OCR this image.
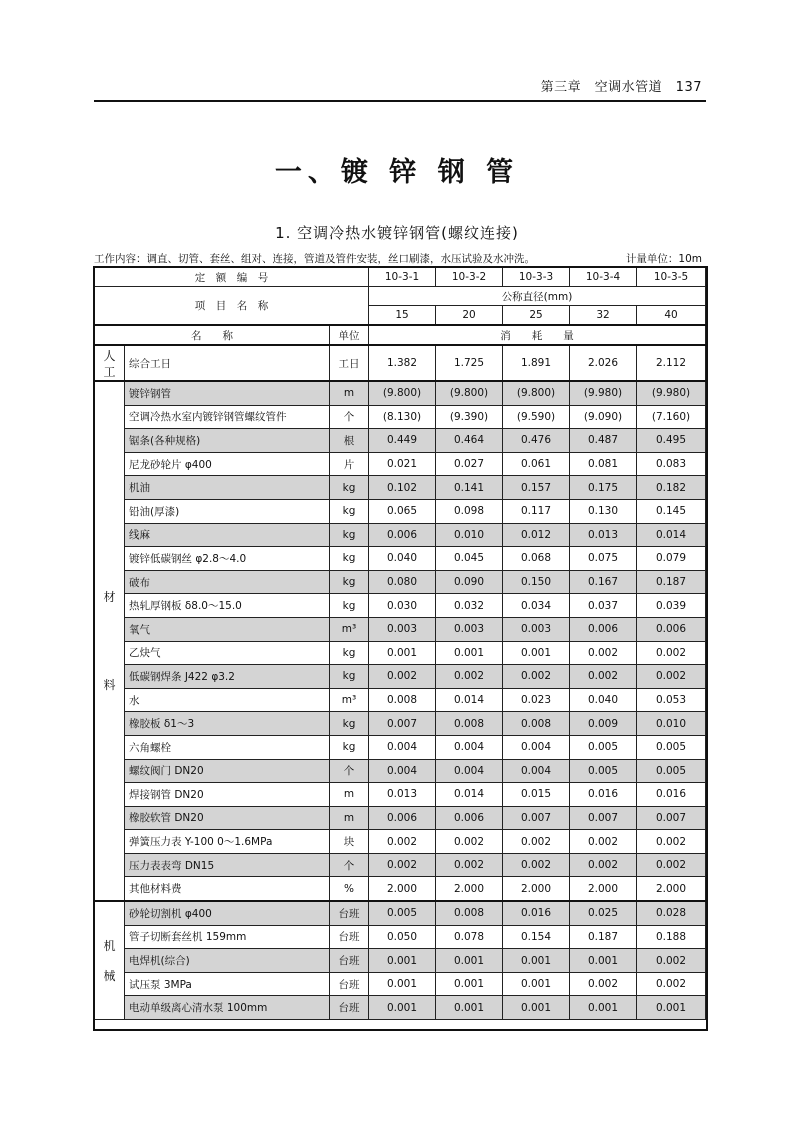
第三章　空调水管道　137
一、镀 锌 钢 管
1. 空调冷热水镀锌钢管(螺纹连接)
工作内容：调直、切管、套丝、组对、连接，管道及管件安装，丝口刷漆，水压试验及水冲洗。	计量单位：10m
定　额　编　号			10-3-1	10-3-2	10-3-3	10-3-4	10-3-5
项　目　名　称			公称直径(mm)				
			15	20	25	32	40
名　　称		单位	消　　耗　　量				

人
工	综合工日	工日	1.382	1.725	1.891	2.026	2.112

材
料	镀锌钢管	m	(9.800)	(9.800)	(9.800)	(9.980)	(9.980)
	空调冷热水室内镀锌钢管螺纹管件	个	(8.130)	(9.390)	(9.590)	(9.090)	(7.160)
	锯条(各种规格)	根	0.449	0.464	0.476	0.487	0.495
	尼龙砂轮片 φ400	片	0.021	0.027	0.061	0.081	0.083
	机油	kg	0.102	0.141	0.157	0.175	0.182
	铅油(厚漆)	kg	0.065	0.098	0.117	0.130	0.145
	线麻	kg	0.006	0.010	0.012	0.013	0.014
	镀锌低碳钢丝 φ2.8～4.0	kg	0.040	0.045	0.068	0.075	0.079
	破布	kg	0.080	0.090	0.150	0.167	0.187
	热轧厚钢板 δ8.0～15.0	kg	0.030	0.032	0.034	0.037	0.039
	氧气	m³	0.003	0.003	0.003	0.006	0.006
	乙炔气	kg	0.001	0.001	0.001	0.002	0.002
	低碳钢焊条 J422 φ3.2	kg	0.002	0.002	0.002	0.002	0.002
	水	m³	0.008	0.014	0.023	0.040	0.053
	橡胶板 δ1～3	kg	0.007	0.008	0.008	0.009	0.010
	六角螺栓	kg	0.004	0.004	0.004	0.005	0.005
	螺纹阀门 DN20	个	0.004	0.004	0.004	0.005	0.005
	焊接钢管 DN20	m	0.013	0.014	0.015	0.016	0.016
	橡胶软管 DN20	m	0.006	0.006	0.007	0.007	0.007
	弹簧压力表 Y-100 0～1.6MPa	块	0.002	0.002	0.002	0.002	0.002
	压力表表弯 DN15	个	0.002	0.002	0.002	0.002	0.002
	其他材料费	%	2.000	2.000	2.000	2.000	2.000

机
械	砂轮切割机 φ400	台班	0.005	0.008	0.016	0.025	0.028
	管子切断套丝机 159mm	台班	0.050	0.078	0.154	0.187	0.188
	电焊机(综合)	台班	0.001	0.001	0.001	0.001	0.002
	试压泵 3MPa	台班	0.001	0.001	0.001	0.002	0.002
	电动单级离心清水泵 100mm	台班	0.001	0.001	0.001	0.001	0.001
